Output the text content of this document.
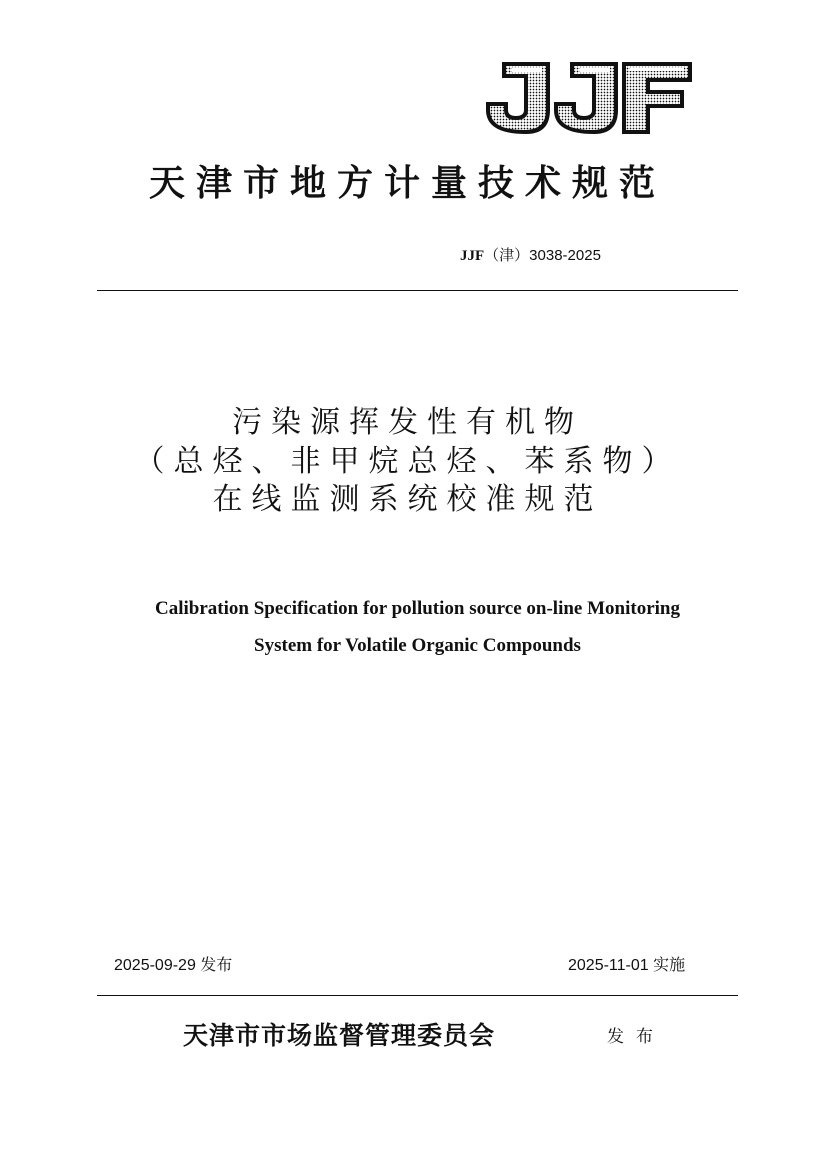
天津市地方计量技术规范
JJF（津）3038-2025
污染源挥发性有机物
（总烃、非甲烷总烃、苯系物）
在线监测系统校准规范
Calibration Specification for pollution source on-line Monitoring
System for Volatile Organic Compounds
2025-09-29 发布	2025-11-01 实施
天津市市场监督管理委员会	发布
